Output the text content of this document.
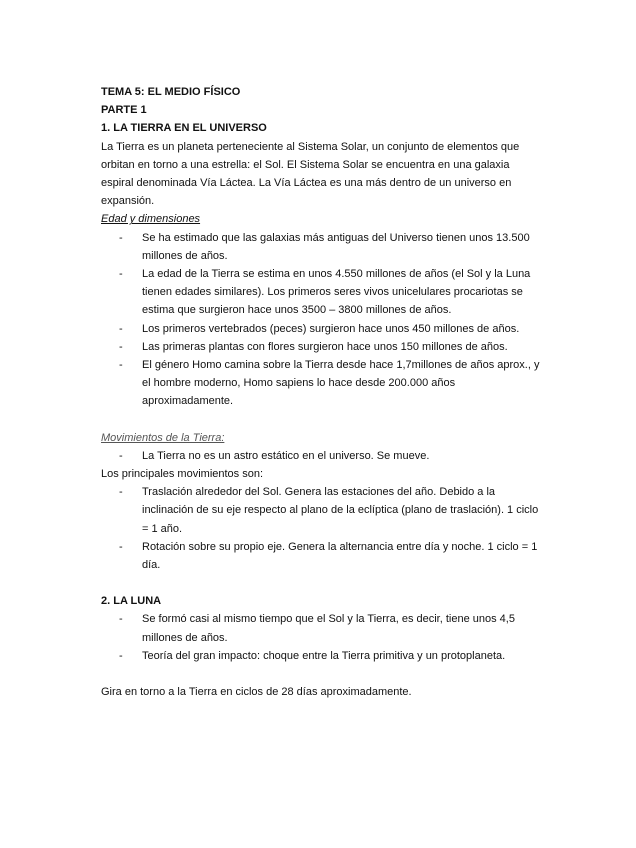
TEMA 5: EL MEDIO FÍSICO

PARTE 1

1. LA TIERRA EN EL UNIVERSO

La Tierra es un planeta perteneciente al Sistema Solar, un conjunto de elementos que orbitan en torno a una estrella: el Sol. El Sistema Solar se encuentra en una galaxia espiral denominada Vía Láctea. La Vía Láctea es una más dentro de un universo en expansión.

Edad y dimensiones

- Se ha estimado que las galaxias más antiguas del Universo tienen unos 13.500 millones de años.
- La edad de la Tierra se estima en unos 4.550 millones de años (el Sol y la Luna tienen edades similares). Los primeros seres vivos unicelulares procariotas se estima que surgieron hace unos 3500 – 3800 millones de años.
- Los primeros vertebrados (peces) surgieron hace unos 450 millones de años.
- Las primeras plantas con flores surgieron hace unos 150 millones de años.
- El género Homo camina sobre la Tierra desde hace 1,7millones de años aprox., y el hombre moderno, Homo sapiens lo hace desde 200.000 años aproximadamente.

Movimientos de la Tierra:

- La Tierra no es un astro estático en el universo. Se mueve.

Los principales movimientos son:

- Traslación alrededor del Sol. Genera las estaciones del año. Debido a la inclinación de su eje respecto al plano de la eclíptica (plano de traslación). 1 ciclo = 1 año.
- Rotación sobre su propio eje. Genera la alternancia entre día y noche. 1 ciclo = 1 día.

2. LA LUNA

- Se formó casi al mismo tiempo que el Sol y la Tierra, es decir, tiene unos 4,5 millones de años.
- Teoría del gran impacto: choque entre la Tierra primitiva y un protoplaneta.

Gira en torno a la Tierra en ciclos de 28 días aproximadamente.
